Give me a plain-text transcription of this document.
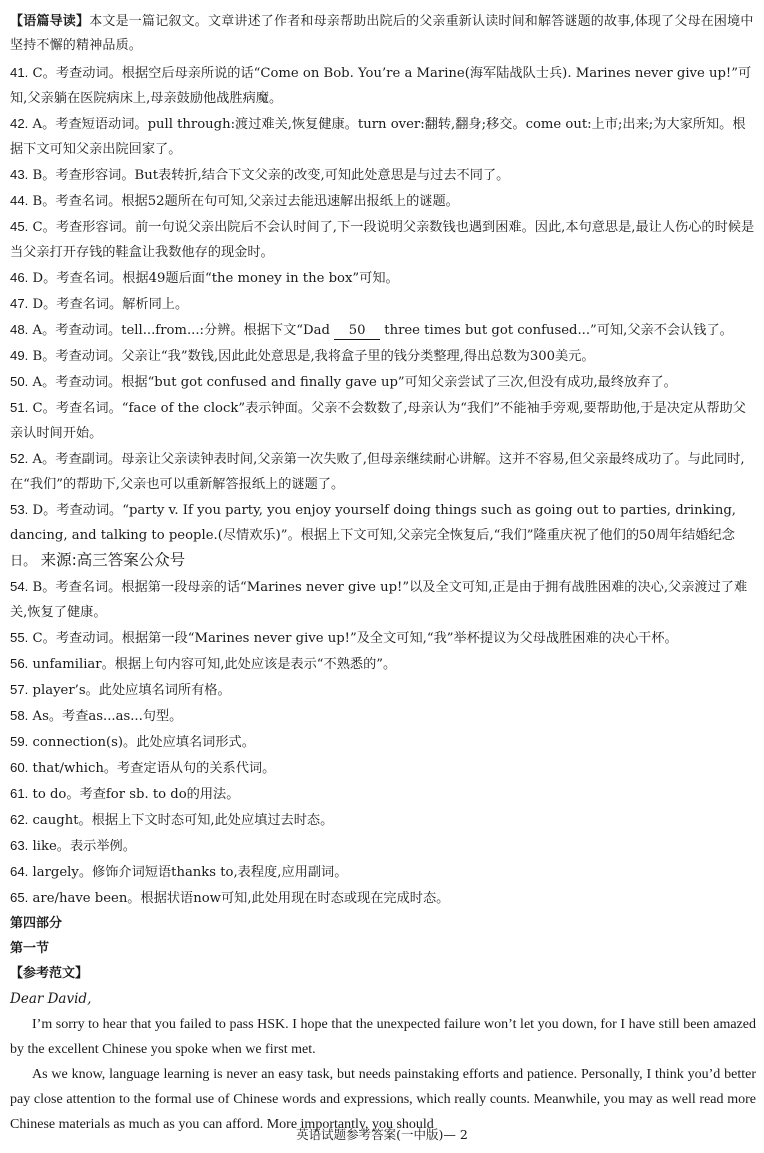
【语篇导读】本文是一篇记叙文。文章讲述了作者和母亲帮助出院后的父亲重新认读时间和解答谜题的故事,体现了父母在困境中坚持不懈的精神品质。
41. C。考查动词。根据空后母亲所说的话“Come on Bob. You’re a Marine(海军陆战队士兵). Marines never give up!”可知,父亲躺在医院病床上,母亲鼓励他战胜病魔。
42. A。考查短语动词。pull through:渡过难关,恢复健康。turn over:翻转,翻身;移交。come out:上市;出来;为大家所知。根据下文可知父亲出院回家了。
43. B。考查形容词。But表转折,结合下文父亲的改变,可知此处意思是与过去不同了。
44. B。考查名词。根据52题所在句可知,父亲过去能迅速解出报纸上的谜题。
45. C。考查形容词。前一句说父亲出院后不会认时间了,下一段说明父亲数钱也遇到困难。因此,本句意思是,最让人伤心的时候是当父亲打开存钱的鞋盒让我数他存的现金时。
46. D。考查名词。根据49题后面“the money in the box”可知。
47. D。考查名词。解析同上。
48. A。考查动词。tell...from...:分辨。根据下文“Dad 50 three times but got confused...”可知,父亲不会认钱了。
49. B。考查动词。父亲让“我”数钱,因此此处意思是,我将盒子里的钱分类整理,得出总数为300美元。
50. A。考查动词。根据“but got confused and finally gave up”可知父亲尝试了三次,但没有成功,最终放弃了。
51. C。考查名词。“face of the clock”表示钟面。父亲不会数数了,母亲认为“我们”不能袖手旁观,要帮助他,于是决定从帮助父亲认时间开始。
52. A。考查副词。母亲让父亲读钟表时间,父亲第一次失败了,但母亲继续耐心讲解。这并不容易,但父亲最终成功了。与此同时,在“我们”的帮助下,父亲也可以重新解答报纸上的谜题了。
53. D。考查动词。“party v. If you party, you enjoy yourself doing things such as going out to parties, drinking, dancing, and talking to people.(尽情欢乐)”。根据上下文可知,父亲完全恢复后,“我们”隆重庆祝了他们的50周年结婚纪念日。 来源:高三答案公众号
54. B。考查名词。根据第一段母亲的话“Marines never give up!”以及全文可知,正是由于拥有战胜困难的决心,父亲渡过了难关,恢复了健康。
55. C。考查动词。根据第一段“Marines never give up!”及全文可知,“我”举杯提议为父母战胜困难的决心干杯。
56. unfamiliar。根据上句内容可知,此处应该是表示“不熟悉的”。
57. player’s。此处应填名词所有格。
58. As。考查as...as...句型。
59. connection(s)。此处应填名词形式。
60. that/which。考查定语从句的关系代词。
61. to do。考查for sb. to do的用法。
62. caught。根据上下文时态可知,此处应填过去时态。
63. like。表示举例。
64. largely。修饰介词短语thanks to,表程度,应用副词。
65. are/have been。根据状语now可知,此处用现在时态或现在完成时态。
第四部分
第一节
【参考范文】
Dear David,

I’m sorry to hear that you failed to pass HSK. I hope that the unexpected failure won’t let you down, for I have still been amazed by the excellent Chinese you spoke when we first met.

As we know, language learning is never an easy task, but needs painstaking efforts and patience. Personally, I think you’d better pay close attention to the formal use of Chinese words and expressions, which really counts. Meanwhile, you may as well read more Chinese materials as much as you can afford. More importantly, you should

英语试题参考答案(一中版)— 2
